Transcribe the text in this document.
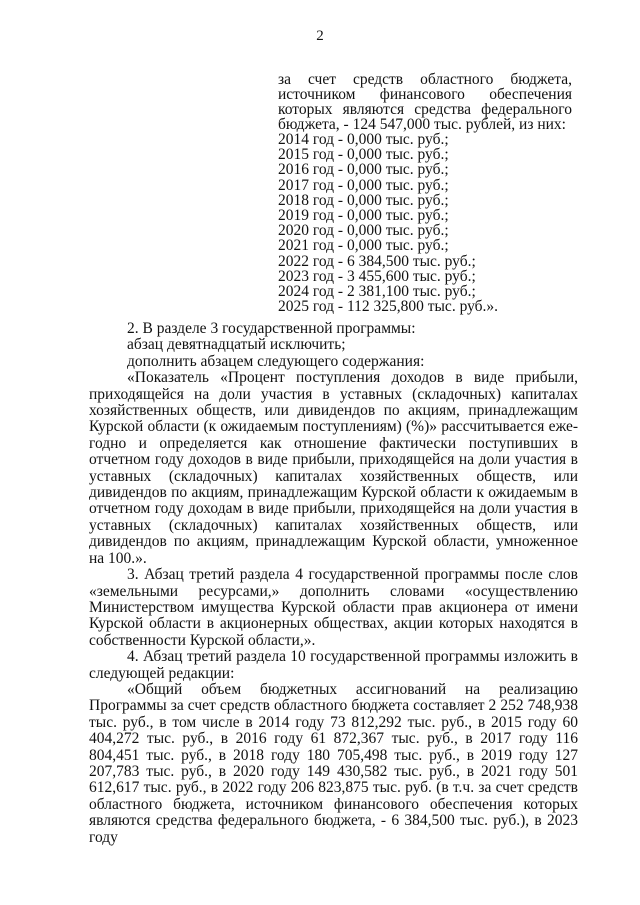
2
за счет средств областного бюджета,
источником финансового обеспечения
которых являются средства федерального
бюджета, - 124 547,000 тыс. рублей, из них:
2014 год - 0,000 тыс. руб.;
2015 год - 0,000 тыс. руб.;
2016 год - 0,000 тыс. руб.;
2017 год - 0,000 тыс. руб.;
2018 год - 0,000 тыс. руб.;
2019 год - 0,000 тыс. руб.;
2020 год - 0,000 тыс. руб.;
2021 год - 0,000 тыс. руб.;
2022 год - 6 384,500 тыс. руб.;
2023 год - 3 455,600 тыс. руб.;
2024 год - 2 381,100 тыс. руб.;
2025 год - 112 325,800 тыс. руб.».

2. В разделе 3 государственной программы:

абзац девятнадцатый исключить;

дополнить абзацем следующего содержания:

«Показатель «Процент поступления доходов в виде прибыли, приходящейся на доли участия в уставных (складочных) капиталах хозяйственных обществ, или дивидендов по акциям, принадлежащим Курской области (к ожидаемым поступлениям) (%)» рассчитывается еже-годно и определяется как отношение фактически поступивших в отчетном году доходов в виде прибыли, приходящейся на доли участия в уставных (складочных) капиталах хозяйственных обществ, или дивидендов по акциям, принадлежащим Курской области к ожидаемым в отчетном году доходам в виде прибыли, приходящейся на доли участия в уставных (складочных) капиталах хозяйственных обществ, или дивидендов по акциям, принадлежащим Курской области, умноженное на 100.».

3. Абзац третий раздела 4 государственной программы после слов «земельными ресурсами,» дополнить словами «осуществлению Министерством имущества Курской области прав акционера от имени Курской области в акционерных обществах, акции которых находятся в собственности Курской области,».

4. Абзац третий раздела 10 государственной программы изложить в следующей редакции:

«Общий объем бюджетных ассигнований на реализацию Программы за счет средств областного бюджета составляет 2 252 748,938 тыс. руб., в том числе в 2014 году 73 812,292 тыс. руб., в 2015 году 60 404,272 тыс. руб., в 2016 году 61 872,367 тыс. руб., в 2017 году 116 804,451 тыс. руб., в 2018 году 180 705,498 тыс. руб., в 2019 году 127 207,783 тыс. руб., в 2020 году 149 430,582 тыс. руб., в 2021 году 501 612,617 тыс. руб., в 2022 году 206 823,875 тыс. руб. (в т.ч. за счет средств областного бюджета, источником финансового обеспечения которых являются средства федерального бюджета, - 6 384,500 тыс. руб.), в 2023 году
